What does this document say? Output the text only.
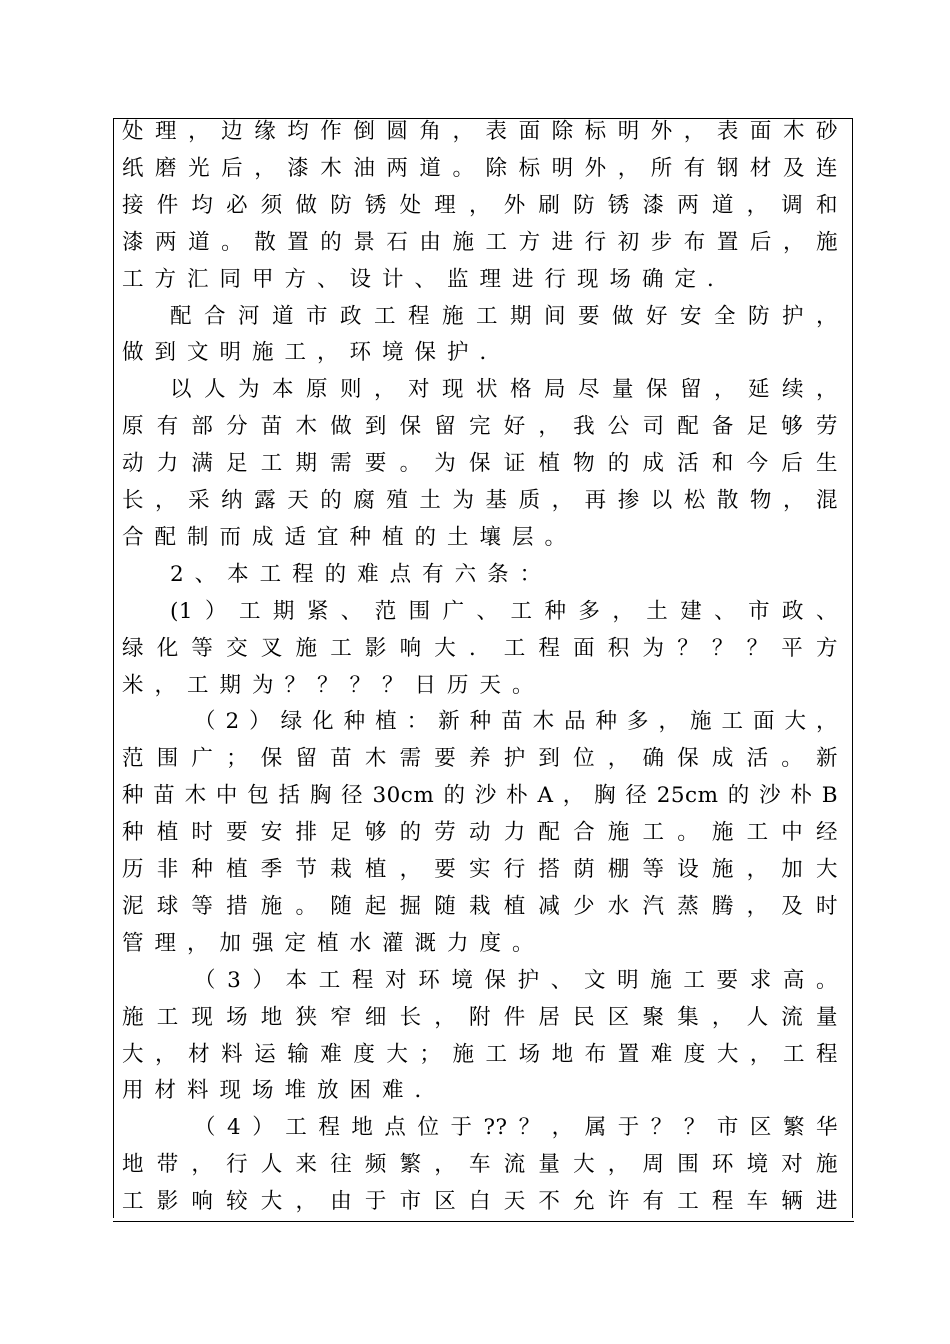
处理，边缘均作倒圆角，表面除标明外，表面木砂
纸磨光后，漆木油两道。除标明外，所有钢材及连
接件均必须做防锈处理，外刷防锈漆两道，调和
漆两道。散置的景石由施工方进行初步布置后，施
工方汇同甲方、设计、监理进行现场确定．
配合河道市政工程施工期间要做好安全防护，
做到文明施工，环境保护．
以人为本原则，对现状格局尽量保留，延续，
原有部分苗木做到保留完好，我公司配备足够劳
动力满足工期需要。为保证植物的成活和今后生
长，采纳露天的腐殖土为基质，再掺以松散物，混
合配制而成适宜种植的土壤层。
2、本工程的难点有六条：
(1）工期紧、范围广、工种多，土建、市政、
绿化等交叉施工影响大．工程面积为？？？平方
米，工期为？？？？日历天。
（2）绿化种植：新种苗木品种多，施工面大，
范围广；保留苗木需要养护到位，确保成活。新
种苗木中包括胸径30cm的沙朴A，胸径25cm的沙朴B
种植时要安排足够的劳动力配合施工。施工中经
历非种植季节栽植，要实行搭荫棚等设施，加大
泥球等措施。随起掘随栽植减少水汽蒸腾，及时
管理，加强定植水灌溉力度。
（3）本工程对环境保护、文明施工要求高。
施工现场地狭窄细长，附件居民区聚集，人流量
大，材料运输难度大；施工场地布置难度大，工程
用材料现场堆放困难．
（4）工程地点位于??？，属于？？市区繁华
地带，行人来往频繁，车流量大，周围环境对施
工影响较大，由于市区白天不允许有工程车辆进
